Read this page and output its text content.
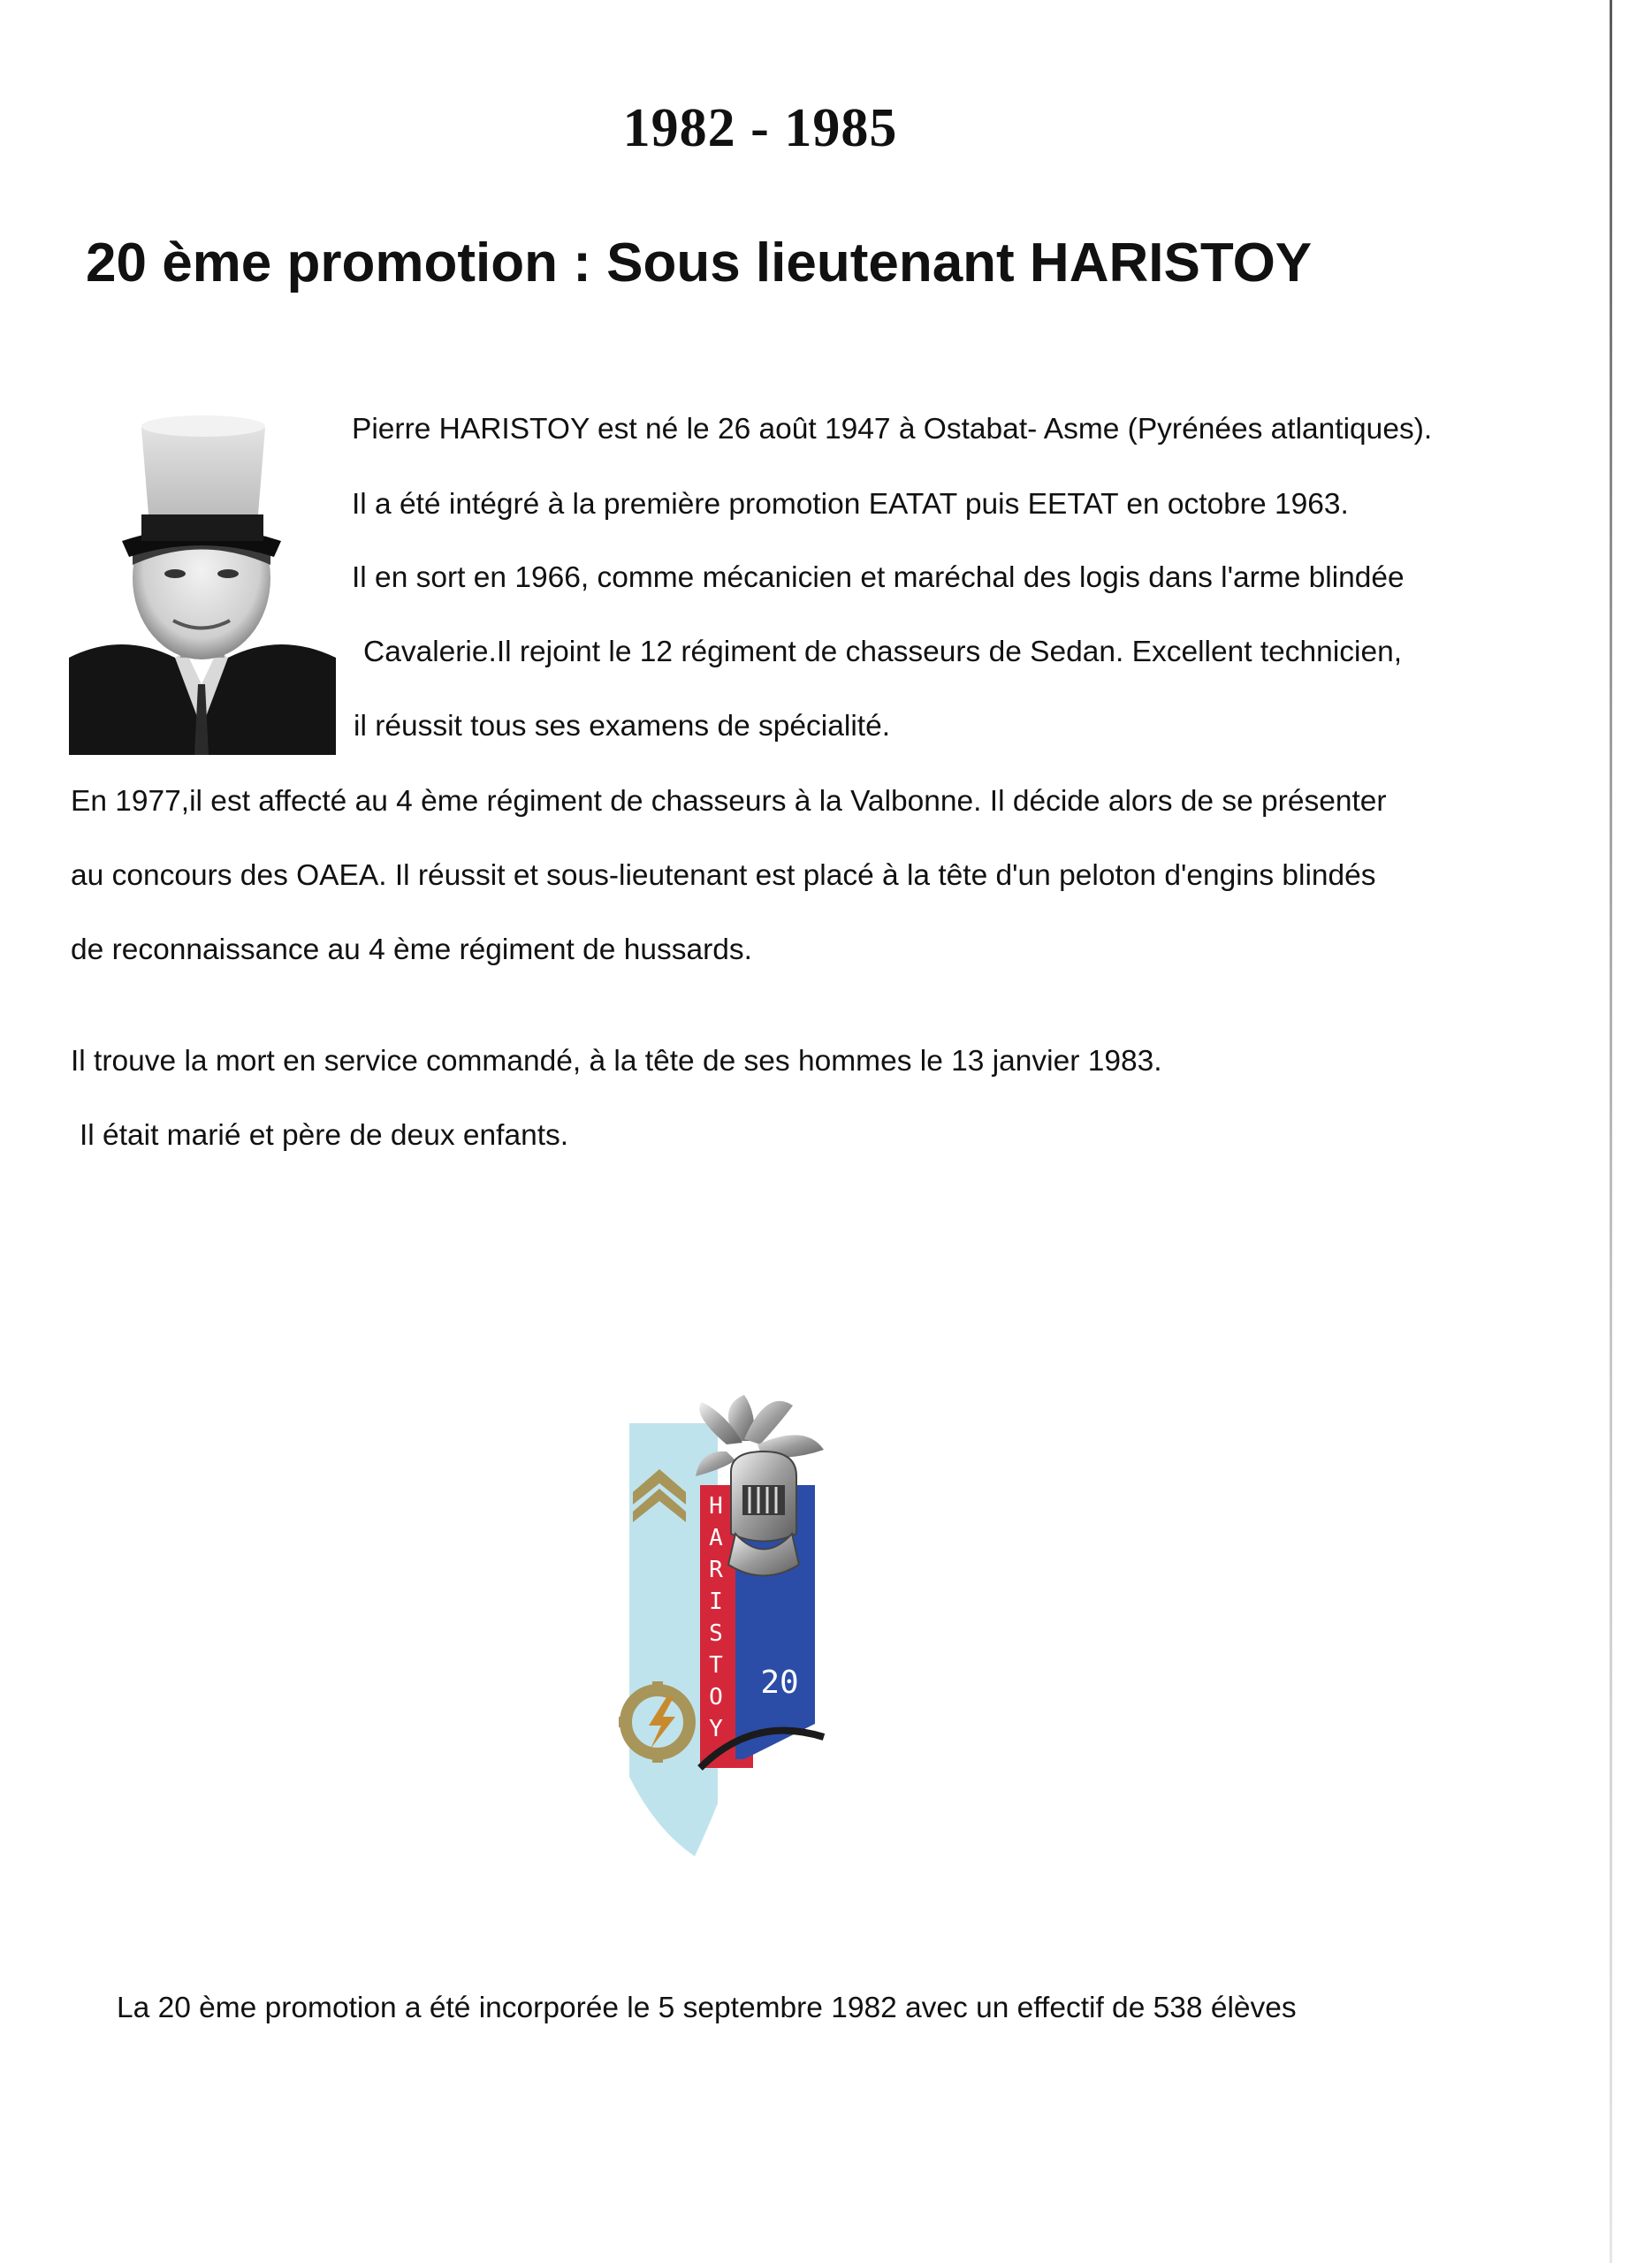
1982 - 1985
20 ème promotion : Sous lieutenant HARISTOY
Pierre HARISTOY est né le 26 août 1947 à Ostabat- Asme (Pyrénées atlantiques).
Il a été intégré à la première promotion EATAT puis EETAT en octobre 1963.
Il en sort en 1966, comme mécanicien et maréchal des logis dans l'arme blindée
Cavalerie.Il rejoint le 12 régiment de chasseurs de Sedan. Excellent technicien,
il réussit tous ses examens de spécialité.
En 1977,il est affecté au 4 ème régiment de chasseurs à la Valbonne. Il décide alors de se présenter
au concours des OAEA. Il réussit et sous-lieutenant est placé à la tête d'un peloton d'engins blindés
de reconnaissance au 4 ème régiment de hussards.
Il trouve la mort en service commandé, à la tête de ses hommes le 13 janvier 1983.
Il était marié et père de deux enfants.
H
A
R
I
S
T
O
Y
20
La 20 ème promotion a été incorporée le 5 septembre 1982 avec un effectif de 538 élèves
